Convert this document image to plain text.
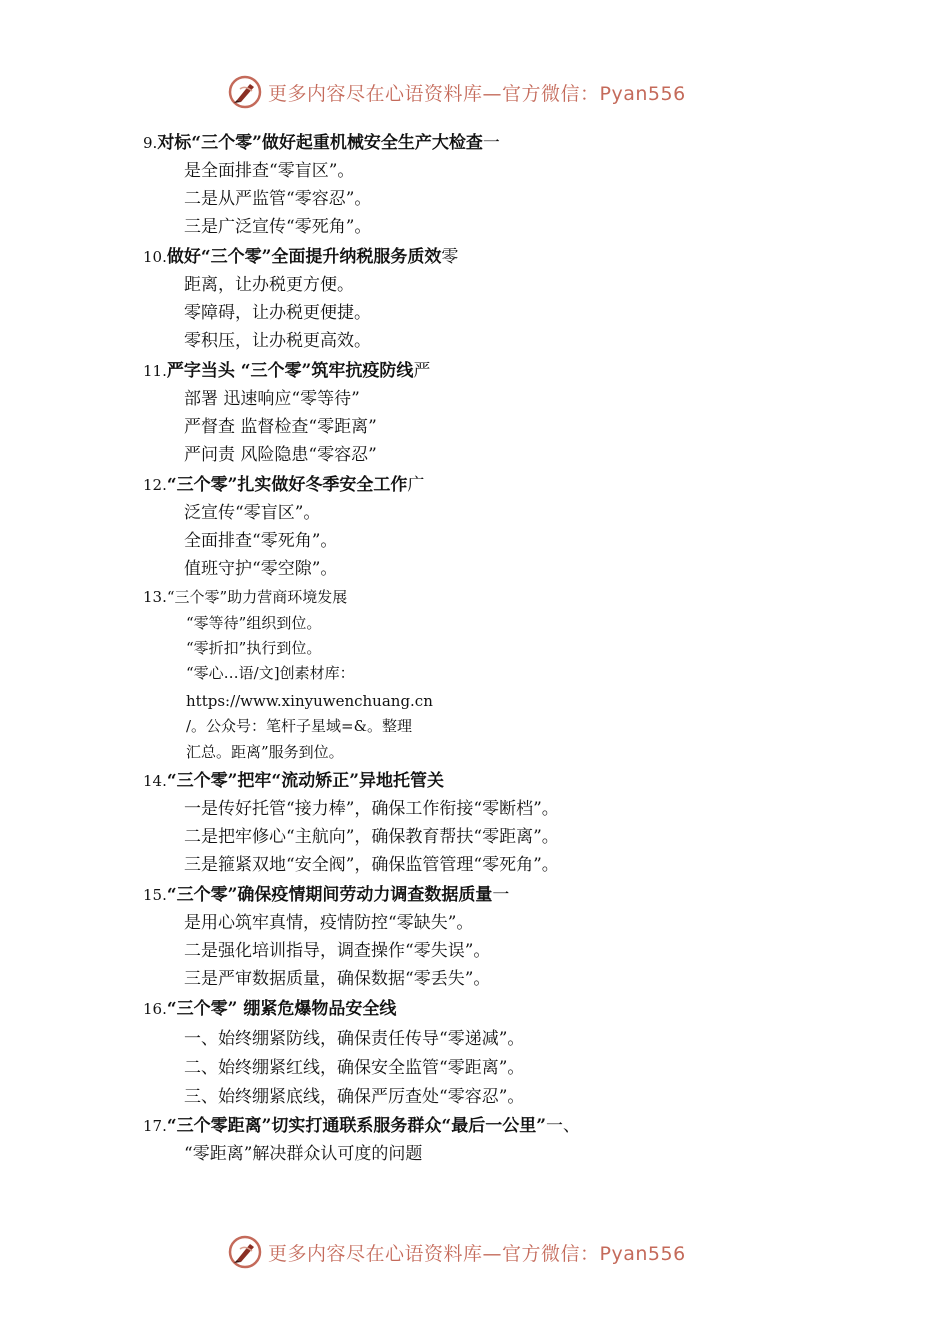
更多内容尽在心语资料库—官方微信：Pyan556
更多内容尽在心语资料库—官方微信：Pyan556
9.对标“三个零”做好起重机械安全生产大检查一
是全面排查“零盲区”。
二是从严监管“零容忍”。
三是广泛宣传“零死角”。
10.做好“三个零”全面提升纳税服务质效零
距离，让办税更方便。
零障碍，让办税更便捷。
零积压，让办税更高效。
11.严字当头 “三个零”筑牢抗疫防线严
部署 迅速响应“零等待”
严督查 监督检查“零距离”
严问责 风险隐患“零容忍”
12.“三个零”扎实做好冬季安全工作广
泛宣传“零盲区”。
全面排查“零死角”。
值班守护“零空隙”。
13.“三个零”助力营商环境发展
“零等待”组织到位。
“零折扣”执行到位。
“零心…语/文]创素材库：
https://www.xinyuwenchuang.cn
/。公众号：笔杆子星域=&。整理
汇总。距离”服务到位。
14.“三个零”把牢“流动矫正”异地托管关
一是传好托管“接力棒”，确保工作衔接“零断档”。
二是把牢修心“主航向”，确保教育帮扶“零距离”。
三是箍紧双地“安全阀”，确保监管管理“零死角”。
15.“三个零”确保疫情期间劳动力调查数据质量一
是用心筑牢真情，疫情防控“零缺失”。
二是强化培训指导，调查操作“零失误”。
三是严审数据质量，确保数据“零丢失”。
16.“三个零” 绷紧危爆物品安全线
一、始终绷紧防线，确保责任传导“零递减”。
二、始终绷紧红线，确保安全监管“零距离”。
三、始终绷紧底线，确保严厉查处“零容忍”。
17.“三个零距离”切实打通联系服务群众“最后一公里”一、
“零距离”解决群众认可度的问题
